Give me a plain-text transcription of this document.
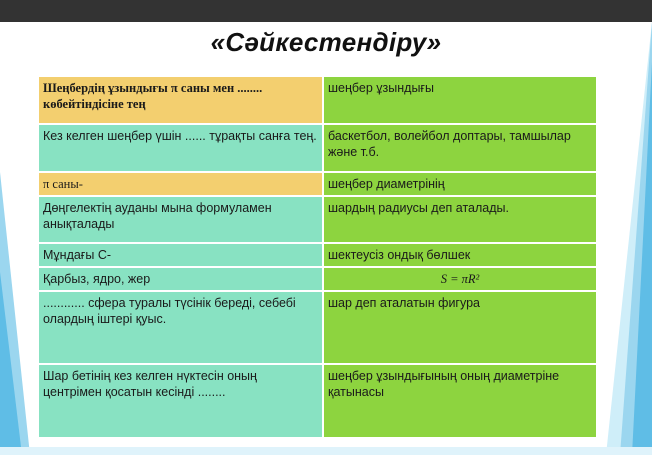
«Сәйкестендіру»
Шеңбердің ұзындығы π саны мен ........ көбейтіндісіне тең	шеңбер ұзындығы
Кез келген шеңбер үшін ...... тұрақты санға тең.	баскетбол, волейбол доптары, тамшылар және т.б.
π саны-	шеңбер диаметрінің
Дөңгелектің ауданы мына формуламен анықталады	шардың радиусы деп аталады.
Мұндағы С-	шектеусіз ондық бөлшек
Қарбыз, ядро, жер	S = πR²
............ сфера туралы түсінік береді, себебі олардың іштері қуыс.	шар деп аталатын фигура
Шар бетінің кез келген нүктесін оның центрімен қосатын кесінді ........	шеңбер ұзындығының оның диаметріне қатынасы
